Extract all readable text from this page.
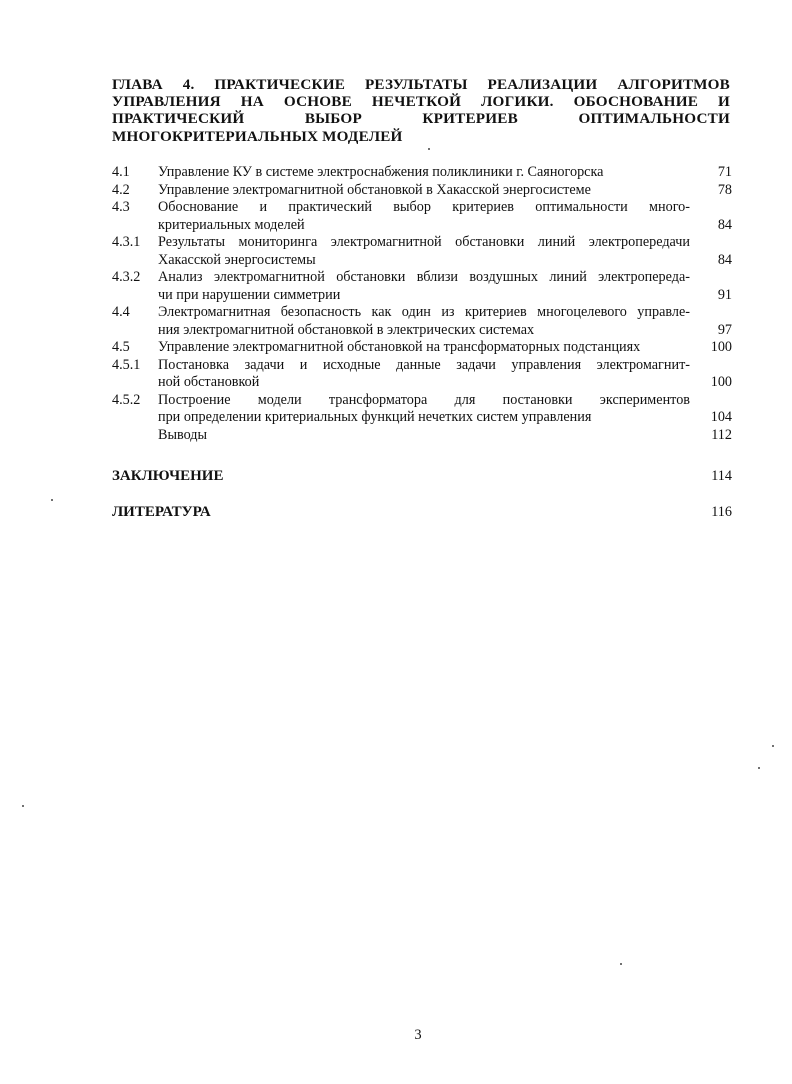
ГЛАВА 4. ПРАКТИЧЕСКИЕ РЕЗУЛЬТАТЫ РЕАЛИЗАЦИИ АЛГОРИТМОВ
УПРАВЛЕНИЯ НА ОСНОВЕ НЕЧЕТКОЙ ЛОГИКИ. ОБОСНОВАНИЕ И
ПРАКТИЧЕСКИЙ ВЫБОР КРИТЕРИЕВ ОПТИМАЛЬНОСТИ
МНОГОКРИТЕРИАЛЬНЫХ МОДЕЛЕЙ
4.1 Управление КУ в системе электроснабжения поликлиники г. Саяногорска	71
4.2 Управление электромагнитной обстановкой в Хакасской энергосистеме	78
4.3 Обоснование и практический выбор критериев оптимальности много-
критериальных моделей	84
4.3.1 Результаты мониторинга электромагнитной обстановки линий электропередачи
Хакасской энергосистемы	84
4.3.2 Анализ электромагнитной обстановки вблизи воздушных линий электропереда-
чи при нарушении симметрии	91
4.4 Электромагнитная безопасность как один из критериев многоцелевого управле-
ния электромагнитной обстановкой в электрических системах	97
4.5 Управление электромагнитной обстановкой на трансформаторных подстанциях	100
4.5.1 Постановка задачи и исходные данные задачи управления электромагнит-
ной обстановкой	100
4.5.2 Построение модели трансформатора для постановки экспериментов
при определении критериальных функций нечетких систем управления	104
Выводы	112
ЗАКЛЮЧЕНИЕ	114
ЛИТЕРАТУРА	116
3
